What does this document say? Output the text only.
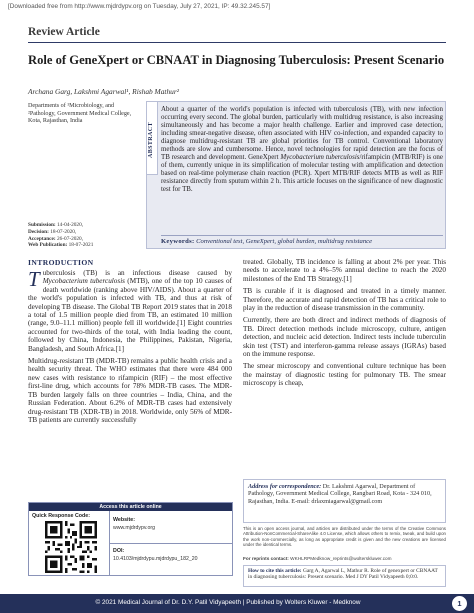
[Downloaded free from http://www.mjdrdypv.org on Tuesday, July 27, 2021, IP: 49.32.245.57]
Review Article
Role of GeneXpert or CBNAAT in Diagnosing Tuberculosis: Present Scenario
Archana Garg, Lakshmi Agarwal¹, Rishab Mathur²
Departments of ¹Microbiology, and ²Pathology, Government Medical College, Kota, Rajasthan, India
Submission: 14-04-2020,
Decision: 18-07-2020,
Acceptance: 26-07-2020,
Web Publication: 18-07-2021
ABSTRACT
About a quarter of the world's population is infected with tuberculosis (TB), with new infection occurring every second. The global burden, particularly with multidrug resistance, is also increasing simultaneously and has become a major health challenge. Earlier and improved case detection, including smear-negative disease, often associated with HIV co-infection, and expanded capacity to diagnose multidrug-resistant TB are global priorities for TB control. Conventional laboratory methods are slow and cumbersome. Hence, novel technologies for rapid detection are the focus of TB research and development. GeneXpert Mycobacterium tuberculosis/rifampicin (MTB/RIF) is one of them, currently unique in its simplification of molecular testing with amplification and detection based on real-time polymerase chain reaction (PCR). Xpert MTB/RIF detects MTB as well as RIF resistance directly from sputum within 2 h. This article focuses on the significance of new diagnostic test for TB.
Keywords: Conventional test, GeneXpert, global burden, multidrug resistance
INTRODUCTION
Tuberculosis (TB) is an infectious disease caused by Mycobacterium tuberculosis (MTB), one of the top 10 causes of death worldwide (ranking above HIV/AIDS). About a quarter of the world's population is infected with TB, and thus at risk of developing TB disease. The Global TB Report 2019 states that in 2018 a total of 1.5 million people died from TB, an estimated 10 million (range, 9.0–11.1 million) people fell ill worldwide.[1] Eight countries accounted for two-thirds of the total, with India leading the count, followed by China, Indonesia, the Philippines, Pakistan, Nigeria, Bangladesh, and South Africa.[1]
Multidrug-resistant TB (MDR-TB) remains a public health crisis and a health security threat. The WHO estimates that there were 484 000 new cases with resistance to rifampicin (RIF) – the most effective first-line drug, which accounts for 78% MDR-TB cases. The MDR-TB burden largely falls on three countries – India, China, and the Russian Federation. About 6.2% of MDR-TB cases had extensively drug-resistant TB (XDR-TB) in 2018. Worldwide, only 56% of MDR-TB patients are currently successfully
treated. Globally, TB incidence is falling at about 2% per year. This needs to accelerate to a 4%–5% annual decline to reach the 2020 milestones of the End TB Strategy.[1]
TB is curable if it is diagnosed and treated in a timely manner. Therefore, the accurate and rapid detection of TB has a critical role to play in the reduction of disease transmission in the community.
Currently, there are both direct and indirect methods of diagnosis of TB. Direct detection methods include microscopy, culture, antigen detection, and nucleic acid detection. Indirect tests include tuberculin skin test (TST) and interferon-gamma release assays (IGRAs) based on the immune response.
The smear microscopy and conventional culture technique has been the mainstay of diagnostic testing for pulmonary TB. The smear microscopy is cheap,
Access this article online
Quick Response Code:
Website:
www.mjdrdypv.org
DOI:
10.4103/mjdrdypu.mjdrdypu_182_20
Address for correspondence: Dr. Lakshmi Agarwal, Department of Pathology, Government Medical College, Rangbari Road, Kota - 324 010, Rajasthan, India. E-mail: drlaxmiagarwal@gmail.com
This is an open access journal, and articles are distributed under the terms of the Creative Commons Attribution-NonCommercial-ShareAlike 4.0 License, which allows others to remix, tweak, and build upon the work non-commercially, as long as appropriate credit is given and the new creations are licensed under the identical terms.
For reprints contact: WKHLRPMedknow_reprints@wolterskluwer.com
How to cite this article: Garg A, Agarwal L, Mathur R. Role of genexpert or CBNAAT in diagnosing tuberculosis: Present scenario. Med J DY Patil Vidyapeeth 0;0:0.
© 2021 Medical Journal of Dr. D.Y. Patil Vidyapeeth | Published by Wolters Kluwer - Medknow	1
